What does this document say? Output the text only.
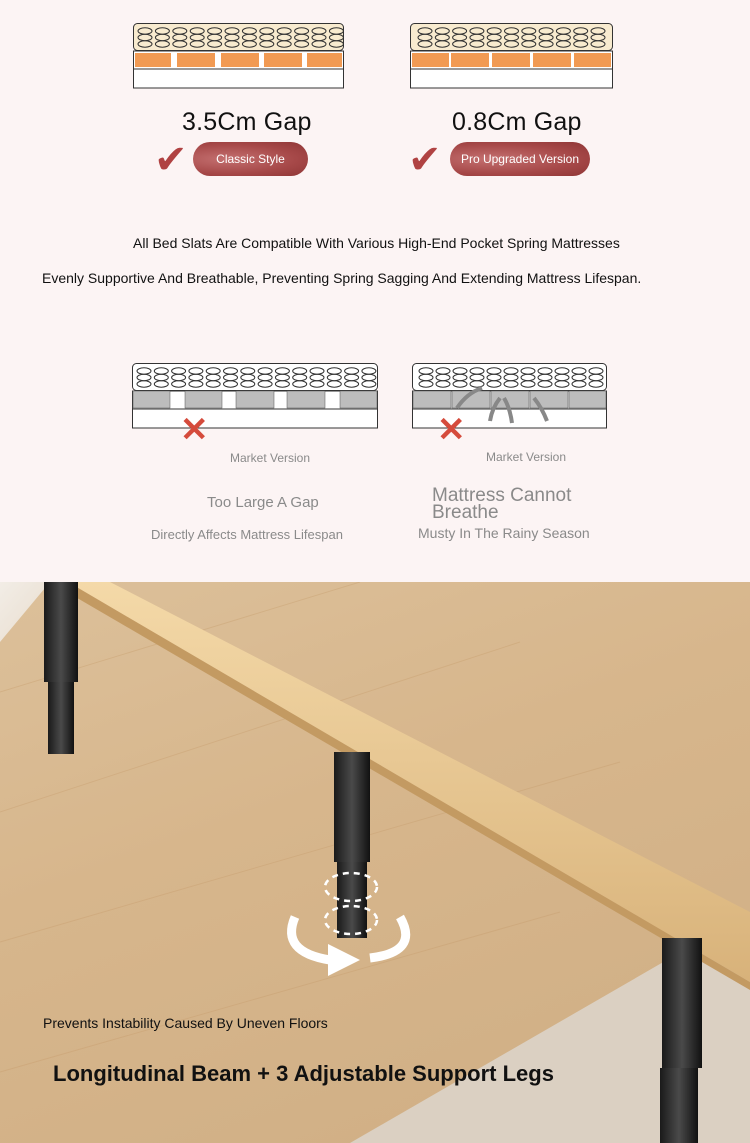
3.5Cm Gap	0.8Cm Gap
✔	Classic Style	✔	Pro Upgraded Version
All Bed Slats Are Compatible With Various High-End Pocket Spring Mattresses
Evenly Supportive And Breathable, Preventing Spring Sagging And Extending Mattress Lifespan.
✕	✕
Market Version
Too Large A Gap
Directly Affects Mattress Lifespan
Market Version
Mattress Cannot Breathe
Musty In The Rainy Season
Prevents Instability Caused By Uneven Floors
Longitudinal Beam + 3 Adjustable Support Legs
